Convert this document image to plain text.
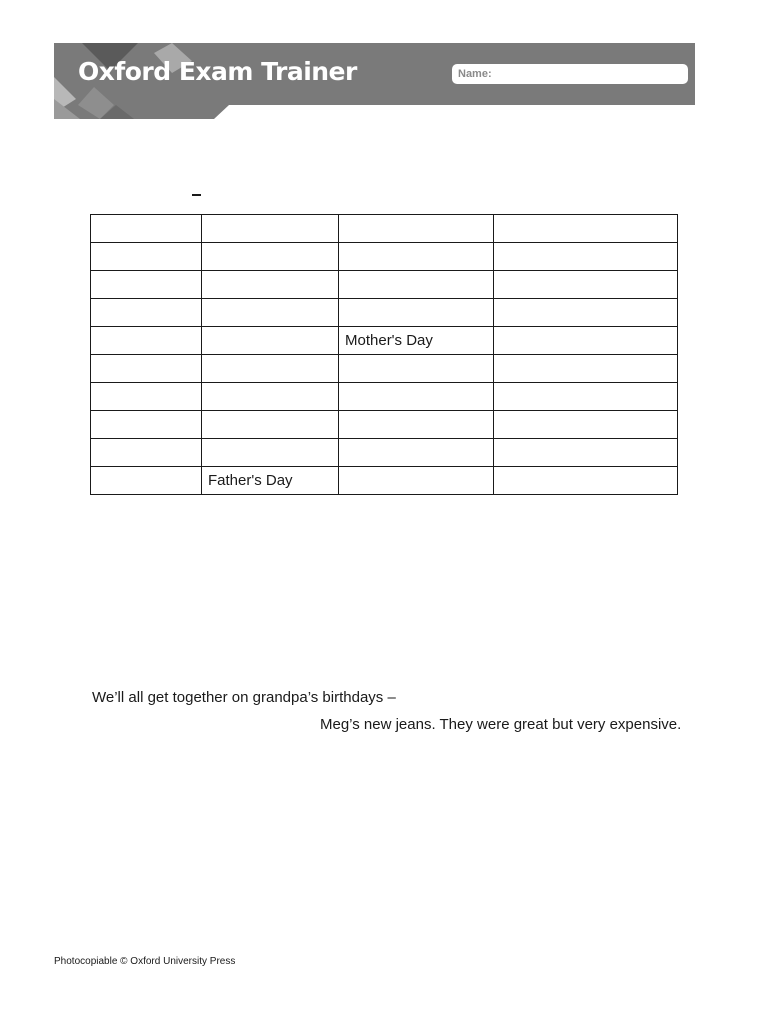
Oxford Exam Trainer	Name:

		Mother's Day	

	Father's Day		
We’ll all get together on grandpa’s birthdays –
Meg’s new jeans. They were great but very expensive.
Photocopiable © Oxford University Press
